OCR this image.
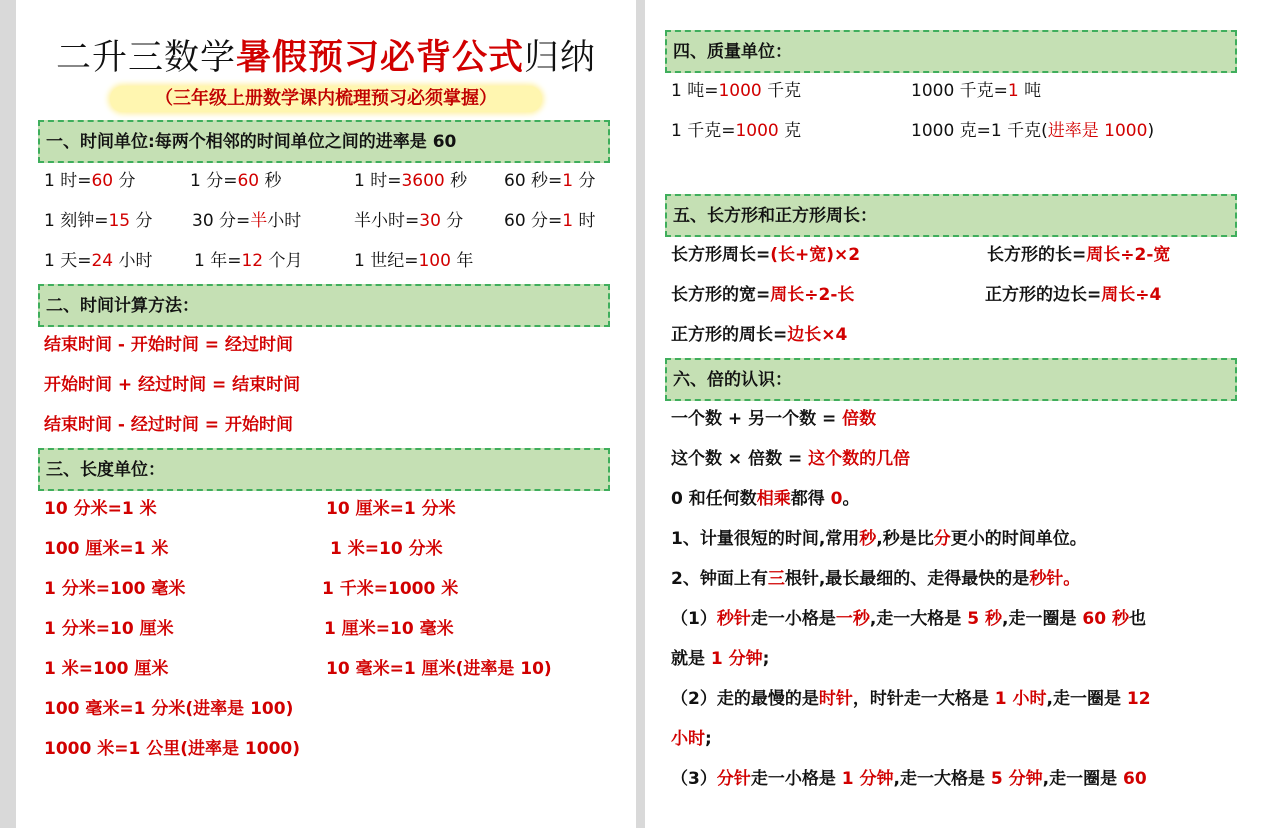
二升三数学暑假预习必背公式归纳
（三年级上册数学课内梳理预习必须掌握）
一、时间单位:每两个相邻的时间单位之间的进率是 60
1 时=60 分	1 分=60 秒	1 时=3600 秒 60 秒=1 分
1 刻钟=15 分 30 分=半小时	半小时=30 分 60 分=1 时
1 天=24 小时 1 年=12 个月	1 世纪=100 年
二、时间计算方法：
结束时间 - 开始时间 = 经过时间
开始时间 + 经过时间 = 结束时间
结束时间 - 经过时间 = 开始时间
三、长度单位：
10 分米=1 米	10 厘米=1 分米
100 厘米=1 米	1 米=10 分米
1 分米=100 毫米	1 千米=1000 米
1 分米=10 厘米	1 厘米=10 毫米
1 米=100 厘米	10 毫米=1 厘米(进率是 10)
100 毫米=1 分米(进率是 100)
1000 米=1 公里(进率是 1000)
四、质量单位：
1 吨=1000 千克	1000 千克=1 吨
1 千克=1000 克	1000 克=1 千克(进率是 1000)
五、长方形和正方形周长：
长方形周长=(长+宽)×2	长方形的长=周长÷2-宽
长方形的宽=周长÷2-长	正方形的边长=周长÷4
正方形的周长=边长×4
六、倍的认识：
一个数 + 另一个数 = 倍数
这个数 × 倍数 = 这个数的几倍
0 和任何数相乘都得 0。
1、计量很短的时间,常用秒,秒是比分更小的时间单位。
2、钟面上有三根针,最长最细的、走得最快的是秒针。
（1）秒针走一小格是一秒,走一大格是 5 秒,走一圈是 60 秒也
就是 1 分钟;
（2）走的最慢的是时针，时针走一大格是 1 小时,走一圈是 12
小时;
（3）分针走一小格是 1 分钟,走一大格是 5 分钟,走一圈是 60
